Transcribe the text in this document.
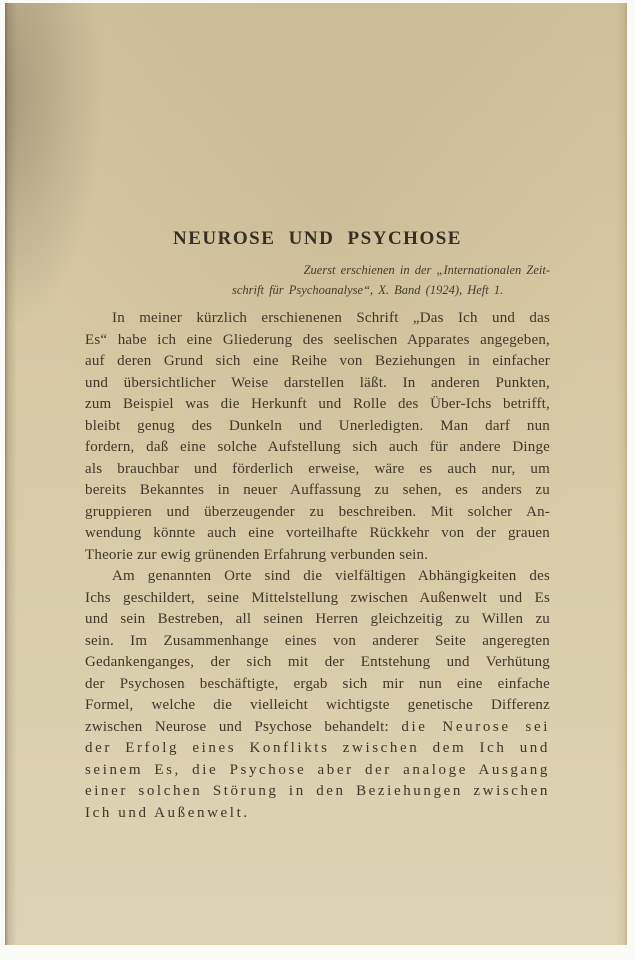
NEUROSE UND PSYCHOSE
Zuerst erschienen in der „Internationalen Zeit-
schrift für Psychoanalyse“, X. Band (1924), Heft 1.
In meiner kürzlich erschienenen Schrift „Das Ich und das
Es“ habe ich eine Gliederung des seelischen Apparates angegeben,
auf deren Grund sich eine Reihe von Beziehungen in einfacher
und übersichtlicher Weise darstellen läßt. In anderen Punkten,
zum Beispiel was die Herkunft und Rolle des Über-Ichs betrifft,
bleibt genug des Dunkeln und Unerledigten. Man darf nun
fordern, daß eine solche Aufstellung sich auch für andere Dinge
als brauchbar und förderlich erweise, wäre es auch nur, um
bereits Bekanntes in neuer Auffassung zu sehen, es anders zu
gruppieren und überzeugender zu beschreiben. Mit solcher An-
wendung könnte auch eine vorteilhafte Rückkehr von der grauen
Theorie zur ewig grünenden Erfahrung verbunden sein.
Am genannten Orte sind die vielfältigen Abhängigkeiten des
Ichs geschildert, seine Mittelstellung zwischen Außenwelt und Es
und sein Bestreben, all seinen Herren gleichzeitig zu Willen zu
sein. Im Zusammenhange eines von anderer Seite angeregten
Gedankenganges, der sich mit der Entstehung und Verhütung
der Psychosen beschäftigte, ergab sich mir nun eine einfache
Formel, welche die vielleicht wichtigste genetische Differenz
zwischen Neurose und Psychose behandelt: die Neurose sei
der Erfolg eines Konflikts zwischen dem Ich und
seinem Es, die Psychose aber der analoge Ausgang
einer solchen Störung in den Beziehungen zwischen
Ich und Außenwelt.
